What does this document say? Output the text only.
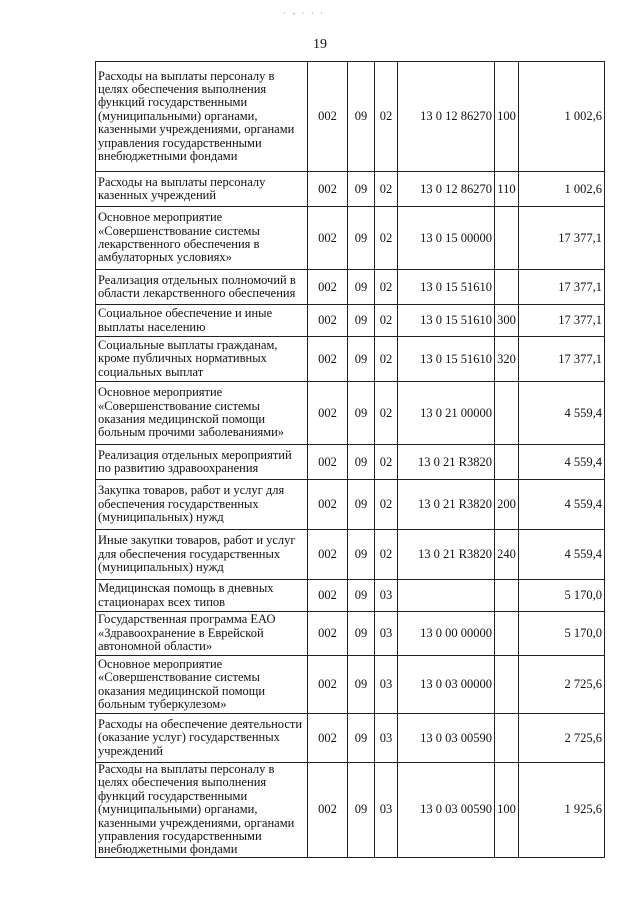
· - · · ·
19
Расходы на выплаты персоналу в целях обеспечения выполнения функций государственными (муниципальными) органами, казенными учреждениями, органами управления государственными внебюджетными фондами	002	09	02	13 0 12 86270	100	1 002,6
Расходы на выплаты персоналу казенных учреждений	002	09	02	13 0 12 86270	110	1 002,6
Основное мероприятие «Совершенствование системы лекарственного обеспечения в амбулаторных условиях»	002	09	02	13 0 15 00000		17 377,1
Реализация отдельных полномочий в области лекарственного обеспечения	002	09	02	13 0 15 51610		17 377,1
Социальное обеспечение и иные выплаты населению	002	09	02	13 0 15 51610	300	17 377,1
Социальные выплаты гражданам, кроме публичных нормативных социальных выплат	002	09	02	13 0 15 51610	320	17 377,1
Основное мероприятие «Совершенствование системы оказания медицинской помощи больным прочими заболеваниями»	002	09	02	13 0 21 00000		4 559,4
Реализация отдельных мероприятий по развитию здравоохранения	002	09	02	13 0 21 R3820		4 559,4
Закупка товаров, работ и услуг для обеспечения государственных (муниципальных) нужд	002	09	02	13 0 21 R3820	200	4 559,4
Иные закупки товаров, работ и услуг для обеспечения государственных (муниципальных) нужд	002	09	02	13 0 21 R3820	240	4 559,4
Медицинская помощь в дневных стационарах всех типов	002	09	03			5 170,0
Государственная программа ЕАО «Здравоохранение в Еврейской автономной области»	002	09	03	13 0 00 00000		5 170,0
Основное мероприятие «Совершенствование системы оказания медицинской помощи больным туберкулезом»	002	09	03	13 0 03 00000		2 725,6
Расходы на обеспечение деятельности (оказание услуг) государственных учреждений	002	09	03	13 0 03 00590		2 725,6
Расходы на выплаты персоналу в целях обеспечения выполнения функций государственными (муниципальными) органами, казенными учреждениями, органами управления государственными внебюджетными фондами	002	09	03	13 0 03 00590	100	1 925,6
